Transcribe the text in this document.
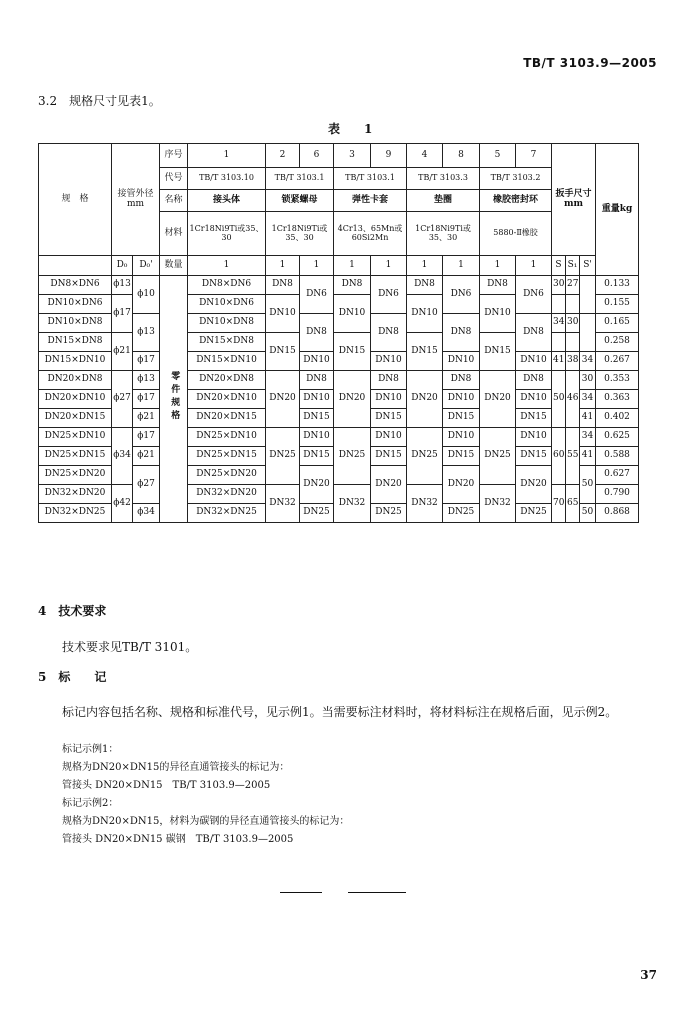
TB/T 3103.9—2005
3.2　规格尺寸见表1。
表　1
规　格	接管外径mm		序号	1	2	6	3	9	4	8	5	7	扳手尺寸mm			重量kg
			代号	TB/T 3103.10	TB/T 3103.1		TB/T 3103.1		TB/T 3103.3		TB/T 3103.2					
			名称	接头体	锁紧螺母		弹性卡套		垫圈		橡胶密封环					
			材料	1Cr18Ni9Ti或35、30	1Cr18Ni9Ti或35、30		4Cr13、65Mn或60Si2Mn		1Cr18Ni9Ti或35、30		5880-Ⅱ橡胶					
	D₀	D₀'	数量	1	1	1	1	1	1	1	1	1	S	S₁	S'	
DN8×DN6	ϕ13	ϕ10	零件规格	DN8×DN6	DN8	DN6	DN8	DN6	DN8	DN6	DN8	DN6	30	27		0.133
DN10×DN6	ϕ17			DN10×DN6	DN10		DN10		DN10		DN10					0.155
DN10×DN8		ϕ13		DN10×DN8		DN8		DN8		DN8		DN8	34	30		0.165
DN15×DN8	ϕ21			DN15×DN8	DN15		DN15		DN15		DN15					0.258
DN15×DN10		ϕ17		DN15×DN10		DN10		DN10		DN10		DN10	41	38	34	0.267
DN20×DN8	ϕ27	ϕ13		DN20×DN8	DN20	DN8	DN20	DN8	DN20	DN8	DN20	DN8	50	46	30	0.353
DN20×DN10		ϕ17		DN20×DN10		DN10		DN10		DN10		DN10			34	0.363
DN20×DN15		ϕ21		DN20×DN15		DN15		DN15		DN15		DN15			41	0.402
DN25×DN10	ϕ34	ϕ17		DN25×DN10	DN25	DN10	DN25	DN10	DN25	DN10	DN25	DN10	60	55	34	0.625
DN25×DN15		ϕ21		DN25×DN15		DN15		DN15		DN15		DN15			41	0.588
DN25×DN20		ϕ27		DN25×DN20		DN20		DN20		DN20		DN20			50	0.627
DN32×DN20	ϕ42			DN32×DN20	DN32		DN32		DN32		DN32		70	65		0.790
DN32×DN25		ϕ34		DN32×DN25		DN25		DN25		DN25		DN25			50	0.868
4　技术要求
技术要求见TB/T 3101。
5　标　　记
标记内容包括名称、规格和标准代号，见示例1。当需要标注材料时，将材料标注在规格后面，见示例2。
标记示例1：
规格为DN20×DN15的异径直通管接头的标记为：
管接头 DN20×DN15　TB/T 3103.9—2005
标记示例2：
规格为DN20×DN15，材料为碳钢的异径直通管接头的标记为：
管接头 DN20×DN15 碳钢　TB/T 3103.9—2005
37
